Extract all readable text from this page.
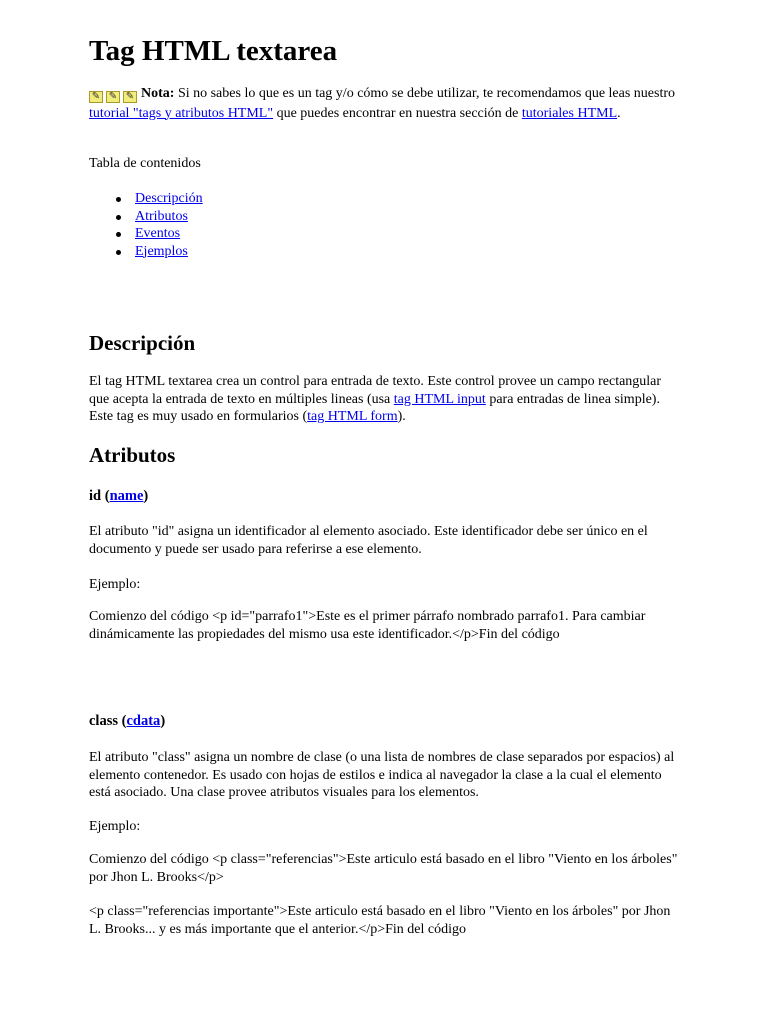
Tag HTML textarea

✎ ✎ ✎ Nota: Si no sabes lo que es un tag y/o cómo se debe utilizar, te recomendamos que leas nuestro tutorial "tags y atributos HTML" que puedes encontrar en nuestra sección de tutoriales HTML.

Tabla de contenidos

Descripción
Atributos
Eventos
Ejemplos
Descripción

El tag HTML textarea crea un control para entrada de texto. Este control provee un campo rectangular que acepta la entrada de texto en múltiples lineas (usa tag HTML input para entradas de linea simple). Este tag es muy usado en formularios (tag HTML form).

Atributos

id (name)

El atributo "id" asigna un identificador al elemento asociado. Este identificador debe ser único en el documento y puede ser usado para referirse a ese elemento.

Ejemplo:

Comienzo del código <p id="parrafo1">Este es el primer párrafo nombrado parrafo1. Para cambiar dinámicamente las propiedades del mismo usa este identificador.</p>Fin del código

class (cdata)

El atributo "class" asigna un nombre de clase (o una lista de nombres de clase separados por espacios) al elemento contenedor. Es usado con hojas de estilos e indica al navegador la clase a la cual el elemento está asociado. Una clase provee atributos visuales para los elementos.

Ejemplo:

Comienzo del código <p class="referencias">Este articulo está basado en el libro "Viento en los árboles" por Jhon L. Brooks</p>

<p class="referencias importante">Este articulo está basado en el libro "Viento en los árboles" por Jhon L. Brooks... y es más importante que el anterior.</p>Fin del código
